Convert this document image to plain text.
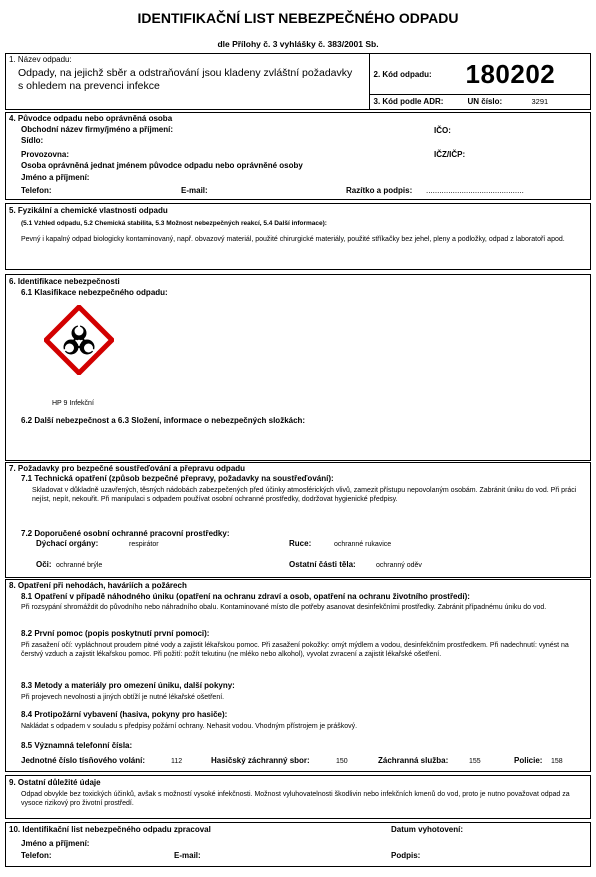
IDENTIFIKAČNÍ LIST NEBEZPEČNÉHO ODPADU
dle Přílohy č. 3 vyhlášky č. 383/2001 Sb.
1. Název odpadu:
Odpady, na jejichž sběr a odstraňování jsou kladeny zvláštní požadavky s ohledem na prevenci infekce
2. Kód odpadu: 180202
3. Kód podle ADR:	UN číslo:	3291
4. Původce odpadu nebo oprávněná osoba
Obchodní název firmy/jméno a příjmení:
Sídlo:
Provozovna:
Osoba oprávněná jednat jménem původce odpadu nebo oprávněné osoby
Jméno a příjmení:
Telefon:	E-mail:	Razítko a podpis: ............................................
IČO:
IČZ/IČP:
5. Fyzikální a chemické vlastnosti odpadu
(5.1 Vzhled odpadu, 5.2 Chemická stabilita, 5.3 Možnost nebezpečných reakcí, 5.4 Další informace):
Pevný i kapalný odpad biologicky kontaminovaný, např. obvazový materiál, použité chirurgické materiály, použité stříkačky bez jehel, pleny a podložky, odpad z laboratoří apod.
6. Identifikace nebezpečnosti
6.1 Klasifikace nebezpečného odpadu:
HP 9 Infekční
6.2 Další nebezpečnost a 6.3 Složení, informace o nebezpečných složkách:
7. Požadavky pro bezpečné soustřeďování a přepravu odpadu
7.1 Technická opatření (způsob bezpečné přepravy, požadavky na soustřeďování):
Skladovat v důkladně uzavřených, těsných nádobách zabezpečených před účinky atmosférických vlivů, zamezit přístupu nepovolaným osobám. Zabránit úniku do vod. Při práci nejíst, nepít, nekouřit. Při manipulaci s odpadem používat osobní ochranné prostředky, dodržovat hygienické předpisy.
7.2 Doporučené osobní ochranné pracovní prostředky:
Dýchací orgány:	respirátor	Ruce:	ochranné rukavice
Oči: ochranné brýle	Ostatní části těla:	ochranný oděv
8. Opatření při nehodách, haváriích a požárech
8.1 Opatření v případě náhodného úniku (opatření na ochranu zdraví a osob, opatření na ochranu životního prostředí):
Při rozsypání shromáždit do původního nebo náhradního obalu. Kontaminované místo dle potřeby asanovat desinfekčními prostředky. Zabránit případnému úniku do vod.
8.2 První pomoc (popis poskytnutí první pomoci):
Při zasažení očí: vypláchnout proudem pitné vody a zajistit lékařskou pomoc. Při zasažení pokožky: omýt mýdlem a vodou, desinfekčním prostředkem. Při nadechnutí: vynést na čerstvý vzduch a zajistit lékařskou pomoc. Při požití: požít tekutinu (ne mléko nebo alkohol), vyvolat zvracení a zajistit lékařské ošetření.
8.3 Metody a materiály pro omezení úniku, další pokyny:
Při projevech nevolnosti a jiných obtíží je nutné lékařské ošetření.
8.4 Protipožární vybavení (hasiva, pokyny pro hasiče):
Nakládat s odpadem v souladu s předpisy požární ochrany. Nehasit vodou. Vhodným přístrojem je práškový.
8.5 Významná telefonní čísla:
Jednotné číslo tísňového volání:	112	Hasičský záchranný sbor:	150	Záchranná služba:	155	Policie: 158
9. Ostatní důležité údaje
Odpad obvykle bez toxických účinků, avšak s možností vysoké infekčnosti. Možnost vyluhovatelnosti škodlivin nebo infekčních kmenů do vod, proto je nutno považovat odpad za vysoce rizikový pro životní prostředí.
10. Identifikační list nebezpečného odpadu zpracoval	Datum vyhotovení:
Jméno a příjmení:
Telefon:	E-mail:	Podpis:
